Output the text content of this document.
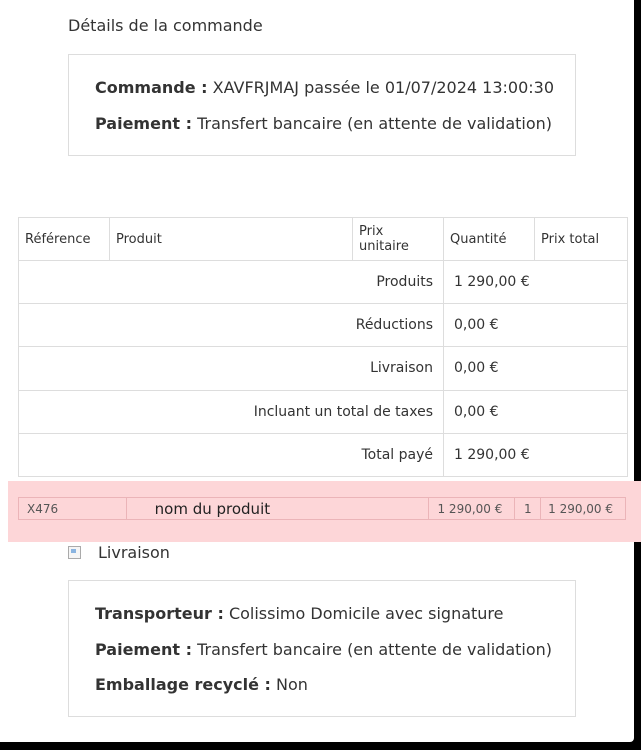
Détails de la commande
Commande : XAVFRJMAJ passée le 01/07/2024 13:00:30
Paiement : Transfert bancaire (en attente de validation)
Référence	Produit	Prix unitaire	Quantité	Prix total
Produits			1 290,00 €	
Réductions			0,00 €	
Livraison			0,00 €	
Incluant un total de taxes			0,00 €	
Total payé			1 290,00 €	
X476	nom du produit	1 290,00 €	1	1 290,00 €
Livraison
Transporteur : Colissimo Domicile avec signature
Paiement : Transfert bancaire (en attente de validation)
Emballage recyclé : Non
